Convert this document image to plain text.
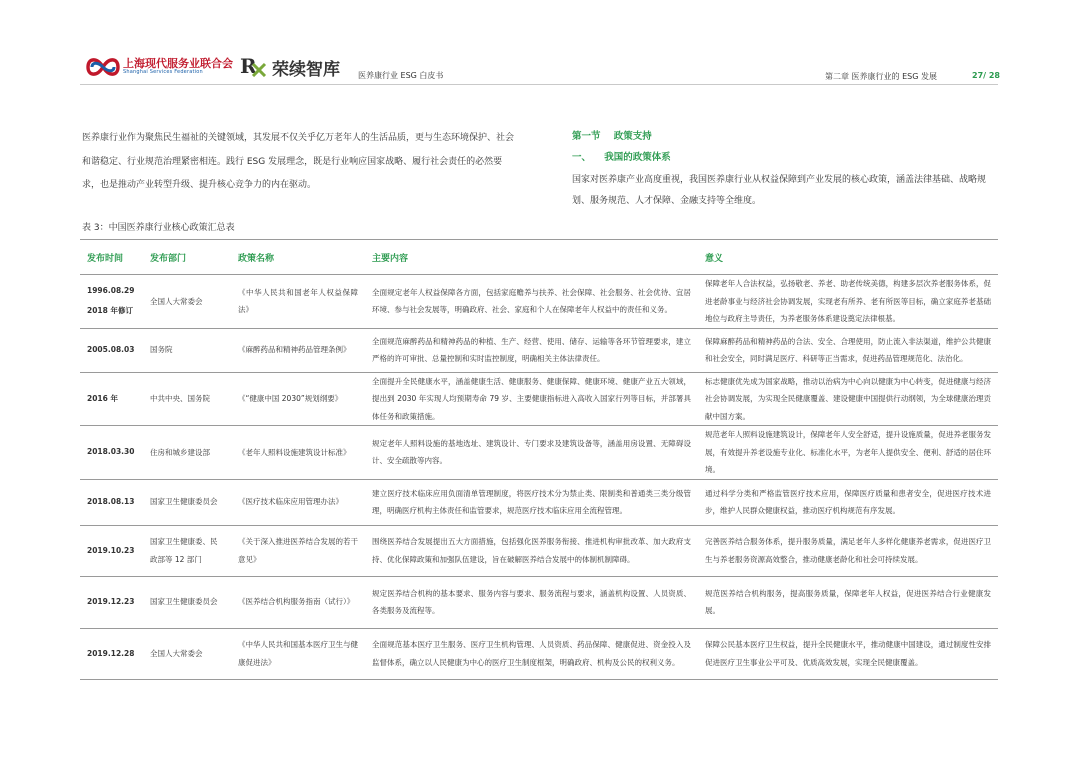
上海现代服务业联合会
Shanghai Services Federation R 荣续智库 医养康行业 ESG 白皮书	第二章 医养康行业的 ESG 发展	27/ 28
医养康行业作为聚焦民生福祉的关键领域，其发展不仅关乎亿万老年人的生活品质，更与生态环境保护、社会和谐稳定、行业规范治理紧密相连。践行 ESG 发展理念，既是行业响应国家战略、履行社会责任的必然要求，也是推动产业转型升级、提升核心竞争力的内在驱动。
第一节    政策支持
一、    我国的政策体系
国家对医养康产业高度重视，我国医养康行业从权益保障到产业发展的核心政策，涵盖法律基础、战略规划、服务规范、人才保障、金融支持等全维度。
表 3：中国医养康行业核心政策汇总表
发布时间	发布部门	政策名称	主要内容	意义
1996.08.29
2018 年修订	全国人大常委会	《中华人民共和国老年人权益保障法》	全面规定老年人权益保障各方面，包括家庭赡养与扶养、社会保障、社会服务、社会优待、宜居环境、参与社会发展等，明确政府、社会、家庭和个人在保障老年人权益中的责任和义务。	保障老年人合法权益，弘扬敬老、养老、助老传统美德，构建多层次养老服务体系，促进老龄事业与经济社会协调发展，实现老有所养、老有所医等目标，确立家庭养老基础地位与政府主导责任，为养老服务体系建设奠定法律根基。
2005.08.03	国务院	《麻醉药品和精神药品管理条例》	全面规范麻醉药品和精神药品的种植、生产、经营、使用、储存、运输等各环节管理要求，建立严格的许可审批、总量控制和实时监控制度，明确相关主体法律责任。	保障麻醉药品和精神药品的合法、安全、合理使用，防止流入非法渠道，维护公共健康和社会安全，同时满足医疗、科研等正当需求，促进药品管理规范化、法治化。
2016 年	中共中央、国务院	《“健康中国 2030”规划纲要》	全面提升全民健康水平，涵盖健康生活、健康服务、健康保障、健康环境、健康产业五大领域，提出到 2030 年实现人均预期寿命 79 岁、主要健康指标进入高收入国家行列等目标，并部署具体任务和政策措施。	标志健康优先成为国家战略，推动以治病为中心向以健康为中心转变，促进健康与经济社会协调发展，为实现全民健康覆盖、建设健康中国提供行动纲领，为全球健康治理贡献中国方案。
2018.03.30	住房和城乡建设部	《老年人照料设施建筑设计标准》	规定老年人照料设施的基地选址、建筑设计、专门要求及建筑设备等，涵盖用房设置、无障碍设计、安全疏散等内容。	规范老年人照料设施建筑设计，保障老年人安全舒适，提升设施质量，促进养老服务发展，有效提升养老设施专业化、标准化水平，为老年人提供安全、便利、舒适的居住环境。
2018.08.13	国家卫生健康委员会	《医疗技术临床应用管理办法》	建立医疗技术临床应用负面清单管理制度，将医疗技术分为禁止类、限制类和普通类三类分级管理，明确医疗机构主体责任和监管要求，规范医疗技术临床应用全流程管理。	通过科学分类和严格监管医疗技术应用，保障医疗质量和患者安全，促进医疗技术进步，维护人民群众健康权益，推动医疗机构规范有序发展。
2019.10.23	国家卫生健康委、民政部等 12 部门	《关于深入推进医养结合发展的若干意见》	围绕医养结合发展提出五大方面措施，包括强化医养服务衔接、推进机构审批改革、加大政府支持、优化保障政策和加强队伍建设，旨在破解医养结合发展中的体制机制障碍。	完善医养结合服务体系，提升服务质量，满足老年人多样化健康养老需求，促进医疗卫生与养老服务资源高效整合，推动健康老龄化和社会可持续发展。
2019.12.23	国家卫生健康委员会	《医养结合机构服务指南（试行）》	规定医养结合机构的基本要求、服务内容与要求、服务流程与要求，涵盖机构设置、人员资质、各类服务及流程等。	规范医养结合机构服务，提高服务质量，保障老年人权益，促进医养结合行业健康发展。
2019.12.28	全国人大常委会	《中华人民共和国基本医疗卫生与健康促进法》	全面规范基本医疗卫生服务、医疗卫生机构管理、人员资质、药品保障、健康促进、资金投入及监督体系，确立以人民健康为中心的医疗卫生制度框架，明确政府、机构及公民的权利义务。	保障公民基本医疗卫生权益，提升全民健康水平，推动健康中国建设，通过制度性安排促进医疗卫生事业公平可及、优质高效发展，实现全民健康覆盖。
